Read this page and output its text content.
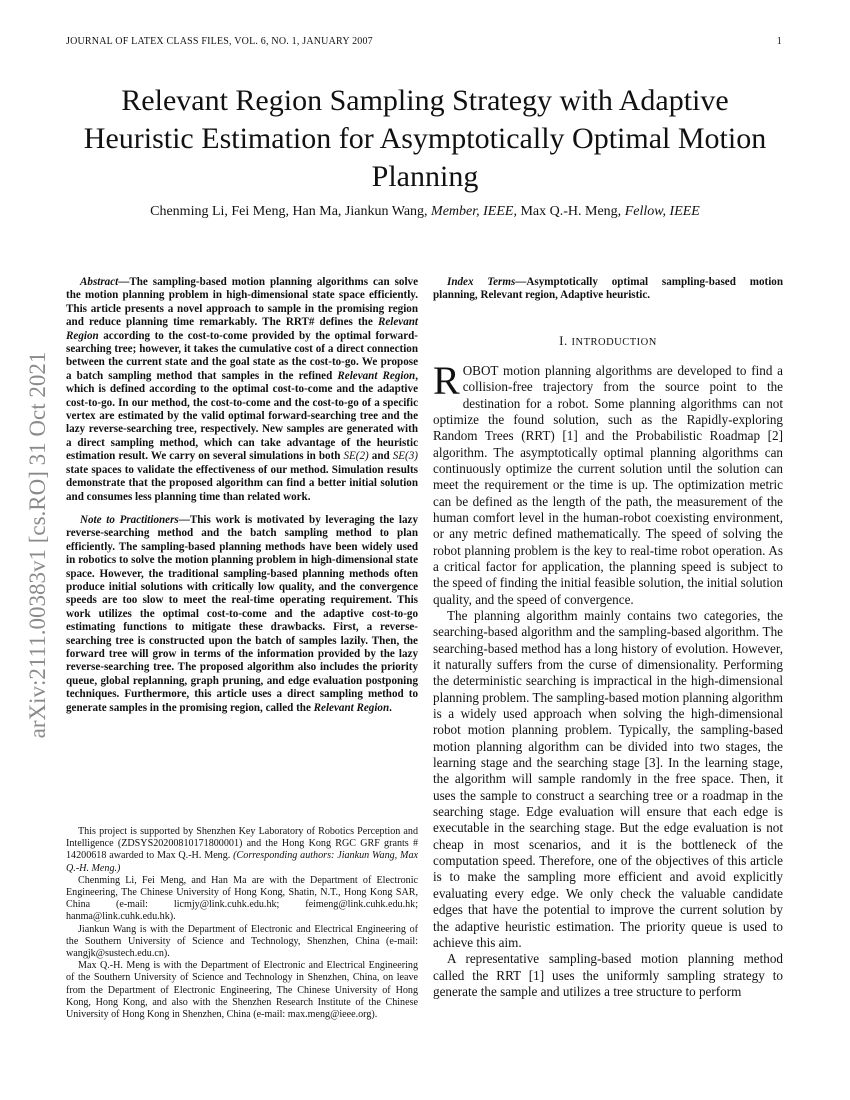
JOURNAL OF LATEX CLASS FILES, VOL. 6, NO. 1, JANUARY 2007	1
arXiv:2111.00383v1 [cs.RO] 31 Oct 2021
Relevant Region Sampling Strategy with Adaptive Heuristic Estimation for Asymptotically Optimal Motion Planning
Chenming Li, Fei Meng, Han Ma, Jiankun Wang, Member, IEEE, Max Q.-H. Meng, Fellow, IEEE

Abstract—The sampling-based motion planning algorithms can solve the motion planning problem in high-dimensional state space efficiently. This article presents a novel approach to sample in the promising region and reduce planning time remarkably. The RRT# defines the Relevant Region according to the cost-to-come provided by the optimal forward-searching tree; however, it takes the cumulative cost of a direct connection between the current state and the goal state as the cost-to-go. We propose a batch sampling method that samples in the refined Relevant Region, which is defined according to the optimal cost-to-come and the adaptive cost-to-go. In our method, the cost-to-come and the cost-to-go of a specific vertex are estimated by the valid optimal forward-searching tree and the lazy reverse-searching tree, respectively. New samples are generated with a direct sampling method, which can take advantage of the heuristic estimation result. We carry on several simulations in both SE(2) and SE(3) state spaces to validate the effectiveness of our method. Simulation results demonstrate that the proposed algorithm can find a better initial solution and consumes less planning time than related work.

Note to Practitioners—This work is motivated by leveraging the lazy reverse-searching method and the batch sampling method to plan efficiently. The sampling-based planning methods have been widely used in robotics to solve the motion planning problem in high-dimensional state space. However, the traditional sampling-based planning methods often produce initial solutions with critically low quality, and the convergence speeds are too slow to meet the real-time operating requirement. This work utilizes the optimal cost-to-come and the adaptive cost-to-go estimating functions to mitigate these drawbacks. First, a reverse-searching tree is constructed upon the batch of samples lazily. Then, the forward tree will grow in terms of the information provided by the lazy reverse-searching tree. The proposed algorithm also includes the priority queue, global replanning, graph pruning, and edge evaluation postponing techniques. Furthermore, this article uses a direct sampling method to generate samples in the promising region, called the Relevant Region.

This project is supported by Shenzhen Key Laboratory of Robotics Perception and Intelligence (ZDSYS20200810171800001) and the Hong Kong RGC GRF grants # 14200618 awarded to Max Q.-H. Meng. (Corresponding authors: Jiankun Wang, Max Q.-H. Meng.)

Chenming Li, Fei Meng, and Han Ma are with the Department of Electronic Engineering, The Chinese University of Hong Kong, Shatin, N.T., Hong Kong SAR, China (e-mail: licmjy@link.cuhk.edu.hk; feimeng@link.cuhk.edu.hk; hanma@link.cuhk.edu.hk).

Jiankun Wang is with the Department of Electronic and Electrical Engineering of the Southern University of Science and Technology, Shenzhen, China (e-mail: wangjk@sustech.edu.cn).

Max Q.-H. Meng is with the Department of Electronic and Electrical Engineering of the Southern University of Science and Technology in Shenzhen, China, on leave from the Department of Electronic Engineering, The Chinese University of Hong Kong, Hong Kong, and also with the Shenzhen Research Institute of the Chinese University of Hong Kong in Shenzhen, China (e-mail: max.meng@ieee.org).

Index Terms—Asymptotically optimal sampling-based motion planning, Relevant region, Adaptive heuristic.

I. INTRODUCTION

ROBOT motion planning algorithms are developed to find a collision-free trajectory from the source point to the destination for a robot. Some planning algorithms can not optimize the found solution, such as the Rapidly-exploring Random Trees (RRT) [1] and the Probabilistic Roadmap [2] algorithm. The asymptotically optimal planning algorithms can continuously optimize the current solution until the solution can meet the requirement or the time is up. The optimization metric can be defined as the length of the path, the measurement of the human comfort level in the human-robot coexisting environment, or any metric defined mathematically. The speed of solving the robot planning problem is the key to real-time robot operation. As a critical factor for application, the planning speed is subject to the speed of finding the initial feasible solution, the initial solution quality, and the speed of convergence.

The planning algorithm mainly contains two categories, the searching-based algorithm and the sampling-based algorithm. The searching-based method has a long history of evolution. However, it naturally suffers from the curse of dimensionality. Performing the deterministic searching is impractical in the high-dimensional planning problem. The sampling-based motion planning algorithm is a widely used approach when solving the high-dimensional robot motion planning problem. Typically, the sampling-based motion planning algorithm can be divided into two stages, the learning stage and the searching stage [3]. In the learning stage, the algorithm will sample randomly in the free space. Then, it uses the sample to construct a searching tree or a roadmap in the searching stage. Edge evaluation will ensure that each edge is executable in the searching stage. But the edge evaluation is not cheap in most scenarios, and it is the bottleneck of the computation speed. Therefore, one of the objectives of this article is to make the sampling more efficient and avoid explicitly evaluating every edge. We only check the valuable candidate edges that have the potential to improve the current solution by the adaptive heuristic estimation. The priority queue is used to achieve this aim.

A representative sampling-based motion planning method called the RRT [1] uses the uniformly sampling strategy to generate the sample and utilizes a tree structure to perform
